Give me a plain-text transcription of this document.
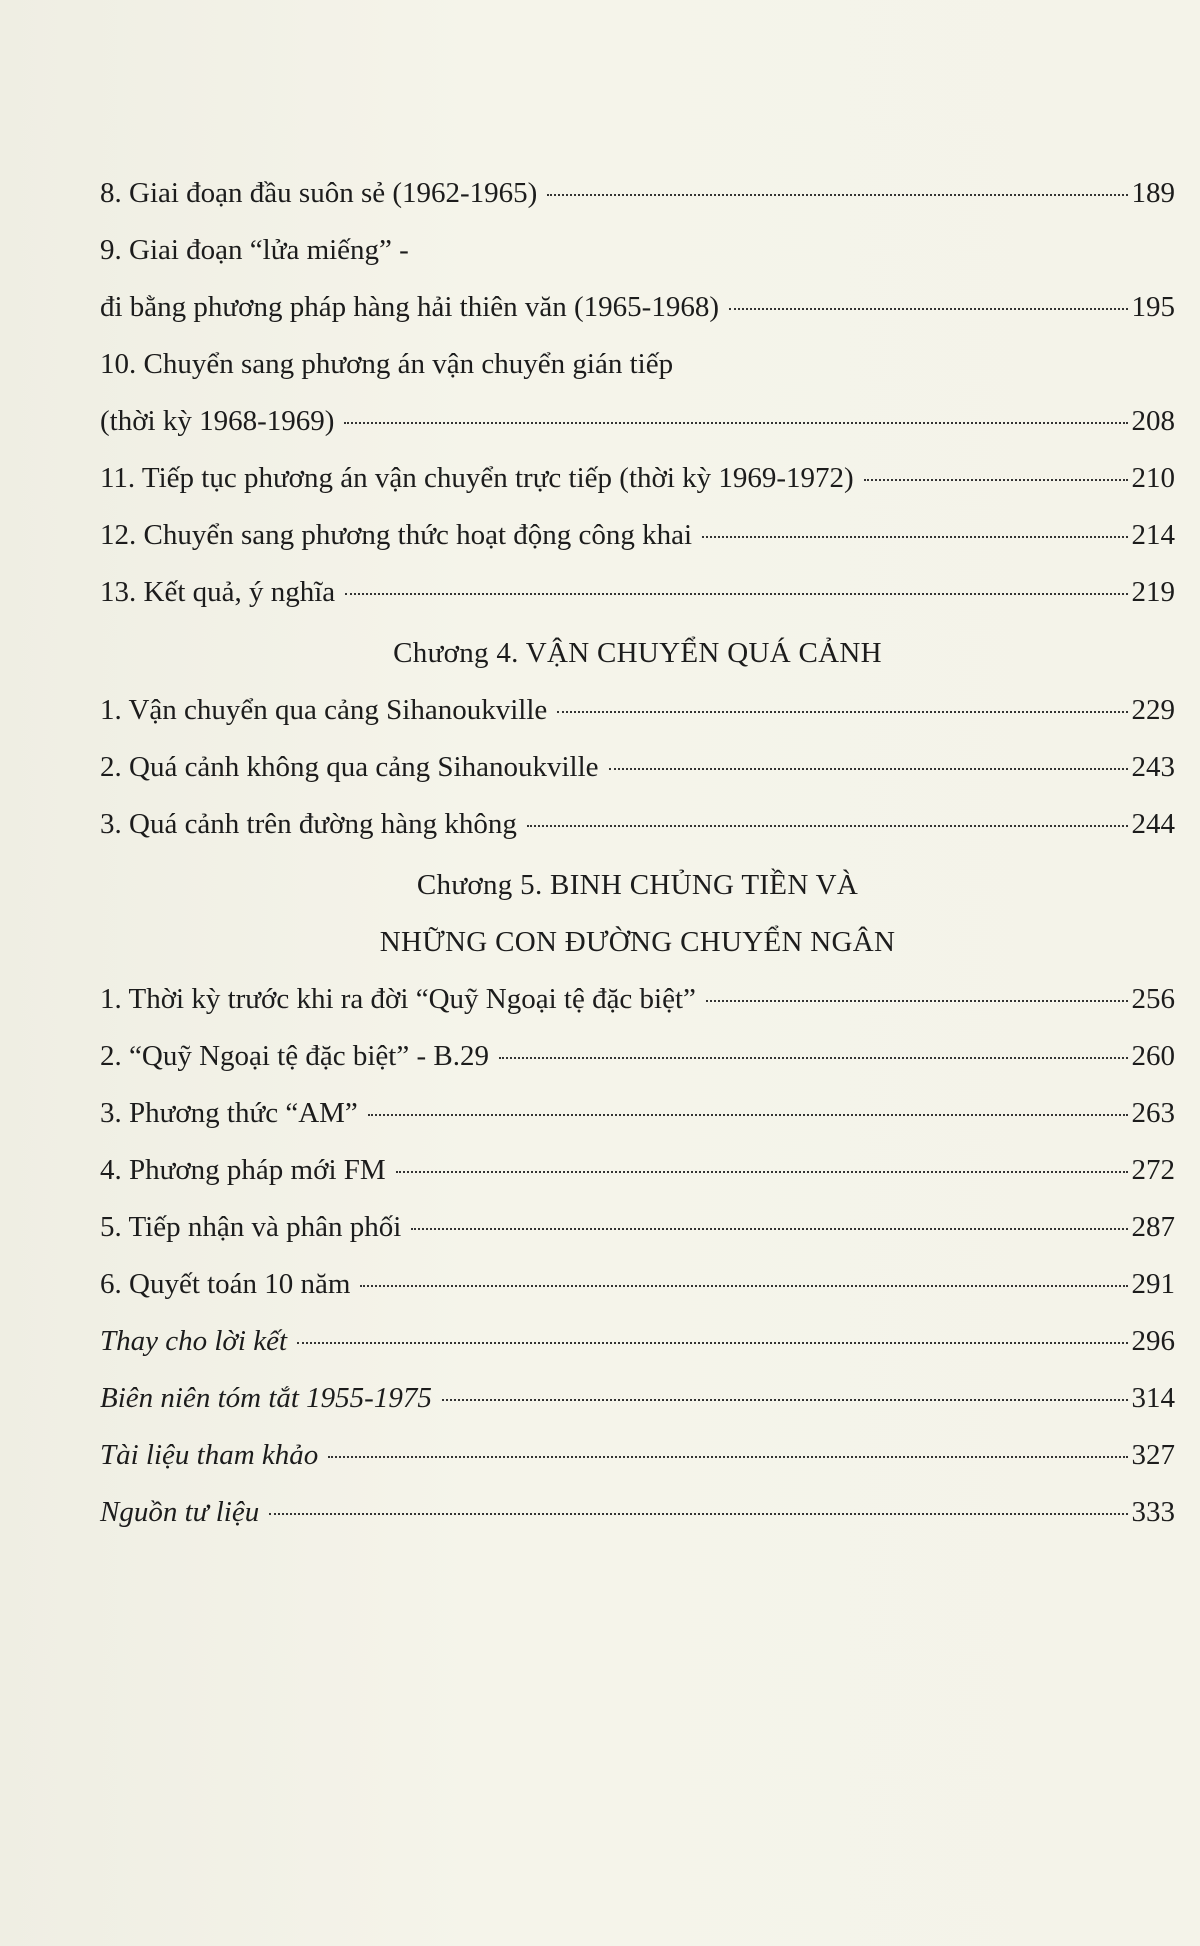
8. Giai đoạn đầu suôn sẻ (1962-1965)	189
9. Giai đoạn “lửa miếng” -
đi bằng phương pháp hàng hải thiên văn (1965-1968)	195
10. Chuyển sang phương án vận chuyển gián tiếp
(thời kỳ 1968-1969)	208
11. Tiếp tục phương án vận chuyển trực tiếp (thời kỳ 1969-1972)	210
12. Chuyển sang phương thức hoạt động công khai	214
13. Kết quả, ý nghĩa	219
Chương 4. VẬN CHUYỂN QUÁ CẢNH
1. Vận chuyển qua cảng Sihanoukville	229
2. Quá cảnh không qua cảng Sihanoukville	243
3. Quá cảnh trên đường hàng không	244
Chương 5. BINH CHỦNG TIỀN VÀ
NHỮNG CON ĐƯỜNG CHUYỂN NGÂN
1. Thời kỳ trước khi ra đời “Quỹ Ngoại tệ đặc biệt”	256
2. “Quỹ Ngoại tệ đặc biệt” - B.29	260
3. Phương thức “AM”	263
4. Phương pháp mới FM	272
5. Tiếp nhận và phân phối	287
6. Quyết toán 10 năm	291
Thay cho lời kết	296
Biên niên tóm tắt 1955-1975	314
Tài liệu tham khảo	327
Nguồn tư liệu	333
